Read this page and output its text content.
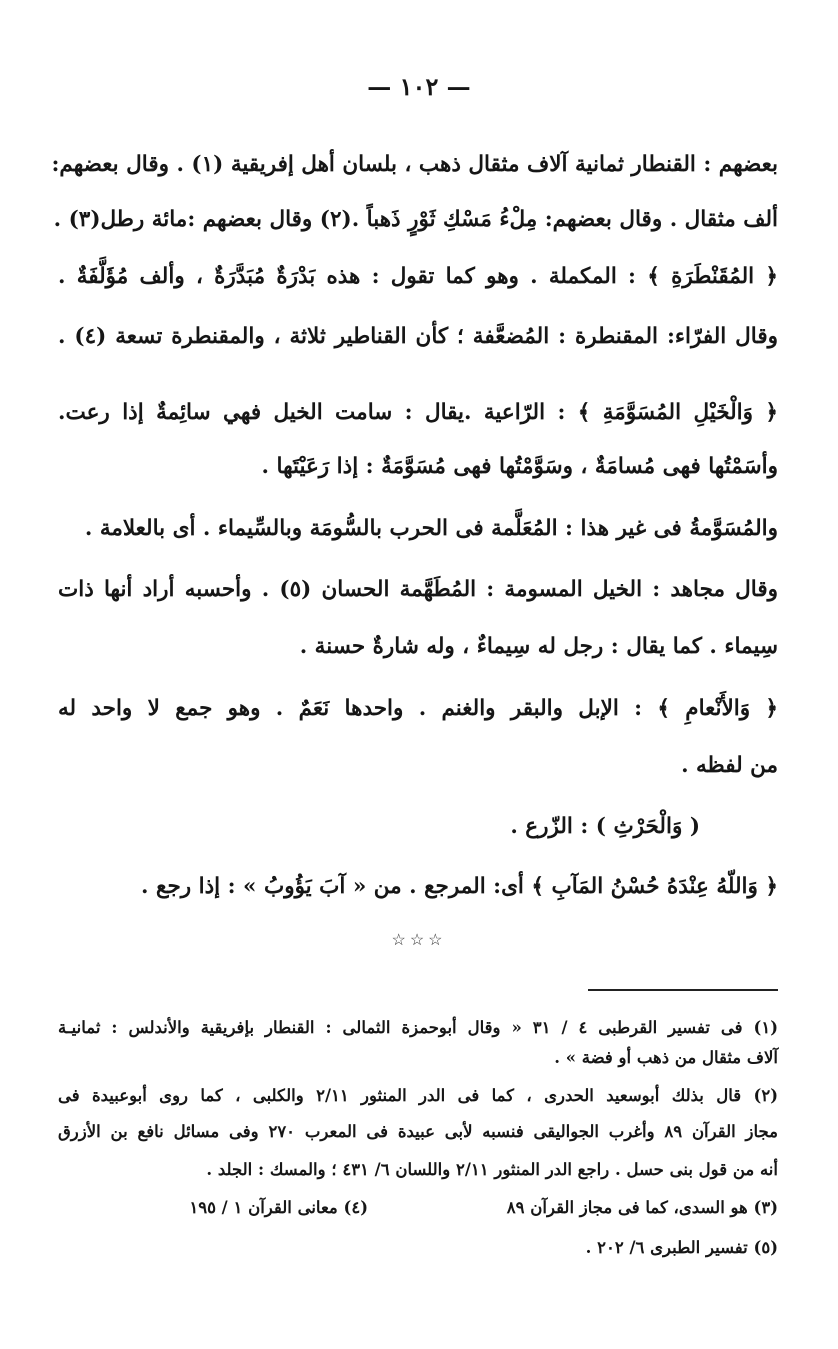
— ١٠٢ —
بعضهم : القنطار ثمانية آلاف مثقال ذهب ، بلسان أهل إفريقية (١) . وقال بعضهم:
ألف مثقال . وقال بعضهم: مِلْءُ مَسْكِ ثَوْرٍ ذَهباً .(٢) وقال بعضهم :مائة رطل(٣) .
﴿ المُقَنْطَرَةِ ﴾ : المكملة . وهو كما تقول : هذه بَدْرَةٌ مُبَدَّرَةٌ ، وألف مُؤَلَّفَةٌ .
وقال الفرّاء: المقنطرة : المُضعَّفة ؛ كأن القناطير ثلاثة ، والمقنطرة تسعة (٤) .
﴿ وَالْخَيْلِ المُسَوَّمَةِ ﴾ : الرّاعية .يقال : سامت الخيل فهي سائِمةٌ إذا رعت.
وأسَمْتُها فهى مُسامَةٌ ، وسَوَّمْتُها فهى مُسَوَّمَةٌ : إذا رَعَيْتَها .
والمُسَوَّمةُ فى غير هذا : المُعَلَّمة فى الحرب بالسُّومَة وبالسِّيماء . أى بالعلامة .
وقال مجاهد : الخيل المسومة : المُطَهَّمة الحسان (٥) . وأحسبه أراد أنها ذات
سِيماء . كما يقال : رجل له سِيماءٌ ، وله شارةٌ حسنة .
﴿ وَالأَنْعامِ ﴾ : الإبل والبقر والغنم . واحدها نَعَمٌ . وهو جمع لا واحد له
من لفظه .
( وَالْحَرْثِ ) : الزّرع .
﴿ وَاللّهُ عِنْدَهُ حُسْنُ المَآبِ ﴾ أى: المرجع . من « آبَ يَؤُوبُ » : إذا رجع .
☆☆☆
(١) فى تفسير القرطبى ٤ / ٣١ « وقال أبوحمزة الثمالى : القنطار بإفريقية والأندلس : ثمانيـة
آلاف مثقال من ذهب أو فضة » .
(٢) قال بذلك أبوسعيد الحدرى ، كما فى الدر المنثور ٢/١١ والكلبى ، كما روى أبوعبيدة فى
مجاز القرآن ٨٩ وأغرب الجواليقى فنسبه لأبى عبيدة فى المعرب ٢٧٠ وفى مسائل نافع بن الأزرق
أنه من قول بنى حسل . راجع الدر المنثور ٢/١١ واللسان ٦/ ٤٣١ ؛ والمسك : الجلد .
(٣) هو السدى، كما فى مجاز القرآن ٨٩
(٤) معانى القرآن ١ / ١٩٥
(٥) تفسير الطبرى ٦/ ٢٠٢ .
